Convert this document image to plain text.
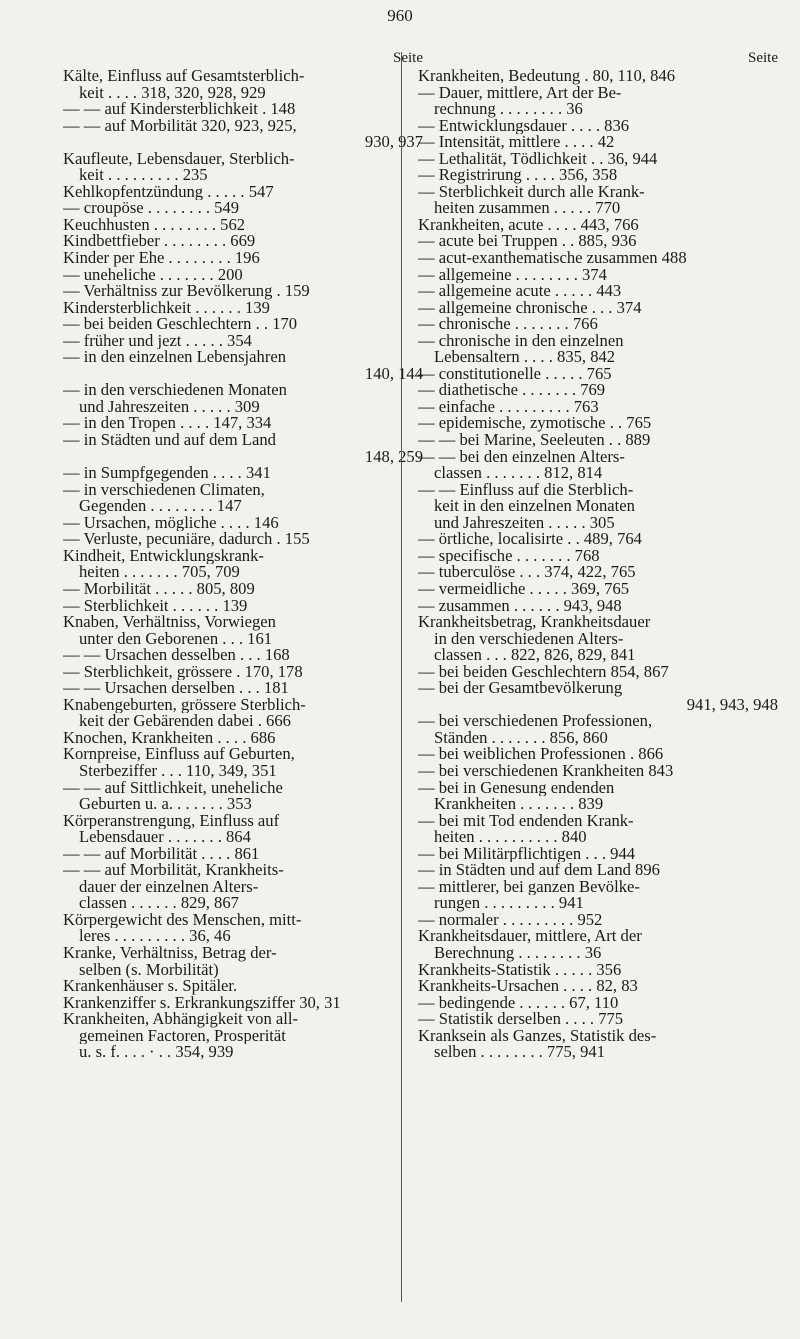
960
Seite
Kälte, Einfluss auf Gesamtsterblich-
keit . . . . 318, 320, 928, 929
— — auf Kindersterblichkeit . 148
— — auf Morbilität 320, 923, 925,
930, 937
Kaufleute, Lebensdauer, Sterblich-
keit . . . . . . . . . 235
Kehlkopfentzündung . . . . . 547
— croupöse . . . . . . . . 549
Keuchhusten . . . . . . . . 562
Kindbettfieber . . . . . . . . 669
Kinder per Ehe . . . . . . . . 196
— uneheliche . . . . . . . 200
— Verhältniss zur Bevölkerung . 159
Kindersterblichkeit . . . . . . 139
— bei beiden Geschlechtern . . 170
— früher und jezt . . . . . 354
— in den einzelnen Lebensjahren
140, 144
— in den verschiedenen Monaten
und Jahreszeiten . . . . . 309
— in den Tropen . . . . 147, 334
— in Städten und auf dem Land
148, 259
— in Sumpfgegenden . . . . 341
— in verschiedenen Climaten,
Gegenden . . . . . . . . 147
— Ursachen, mögliche . . . . 146
— Verluste, pecuniäre, dadurch . 155
Kindheit, Entwicklungskrank-
heiten . . . . . . . 705, 709
— Morbilität . . . . . 805, 809
— Sterblichkeit . . . . . . 139
Knaben, Verhältniss, Vorwiegen
unter den Geborenen . . . 161
— — Ursachen desselben . . . 168
— Sterblichkeit, grössere . 170, 178
— — Ursachen derselben . . . 181
Knabengeburten, grössere Sterblich-
keit der Gebärenden dabei . 666
Knochen, Krankheiten . . . . 686
Kornpreise, Einfluss auf Geburten,
Sterbeziffer . . . 110, 349, 351
— — auf Sittlichkeit, uneheliche
Geburten u. a. . . . . . . 353
Körperanstrengung, Einfluss auf
Lebensdauer . . . . . . . 864
— — auf Morbilität . . . . 861
— — auf Morbilität, Krankheits-
dauer der einzelnen Alters-
classen . . . . . . 829, 867
Körpergewicht des Menschen, mitt-
leres . . . . . . . . . 36, 46
Kranke, Verhältniss, Betrag der-
selben (s. Morbilität)
Krankenhäuser s. Spitäler.
Krankenziffer s. Erkrankungsziffer 30, 31
Krankheiten, Abhängigkeit von all-
gemeinen Factoren, Prosperität
u. s. f. . . . · . . 354, 939
Seite
Krankheiten, Bedeutung . 80, 110, 846
— Dauer, mittlere, Art der Be-
rechnung . . . . . . . . 36
— Entwicklungsdauer . . . . 836
— Intensität, mittlere . . . . 42
— Lethalität, Tödlichkeit . . 36, 944
— Registrirung . . . . 356, 358
— Sterblichkeit durch alle Krank-
heiten zusammen . . . . . 770
Krankheiten, acute . . . . 443, 766
— acute bei Truppen . . 885, 936
— acut-exanthematische zusammen 488
— allgemeine . . . . . . . . 374
— allgemeine acute . . . . . 443
— allgemeine chronische . . . 374
— chronische . . . . . . . 766
— chronische in den einzelnen
Lebensaltern . . . . 835, 842
— constitutionelle . . . . . 765
— diathetische . . . . . . . 769
— einfache . . . . . . . . . 763
— epidemische, zymotische . . 765
— — bei Marine, Seeleuten . . 889
— — bei den einzelnen Alters-
classen . . . . . . . 812, 814
— — Einfluss auf die Sterblich-
keit in den einzelnen Monaten
und Jahreszeiten . . . . . 305
— örtliche, localisirte . . 489, 764
— specifische . . . . . . . 768
— tuberculöse . . . 374, 422, 765
— vermeidliche . . . . . 369, 765
— zusammen . . . . . . 943, 948
Krankheitsbetrag, Krankheitsdauer
in den verschiedenen Alters-
classen . . . 822, 826, 829, 841
— bei beiden Geschlechtern 854, 867
— bei der Gesamtbevölkerung
941, 943, 948
— bei verschiedenen Professionen,
Ständen . . . . . . . 856, 860
— bei weiblichen Professionen . 866
— bei verschiedenen Krankheiten 843
— bei in Genesung endenden
Krankheiten . . . . . . . 839
— bei mit Tod endenden Krank-
heiten . . . . . . . . . . 840
— bei Militärpflichtigen . . . 944
— in Städten und auf dem Land 896
— mittlerer, bei ganzen Bevölke-
rungen . . . . . . . . . 941
— normaler . . . . . . . . . 952
Krankheitsdauer, mittlere, Art der
Berechnung . . . . . . . . 36
Krankheits-Statistik . . . . . 356
Krankheits-Ursachen . . . . 82, 83
— bedingende . . . . . . 67, 110
— Statistik derselben . . . . 775
Kranksein als Ganzes, Statistik des-
selben . . . . . . . . 775, 941
